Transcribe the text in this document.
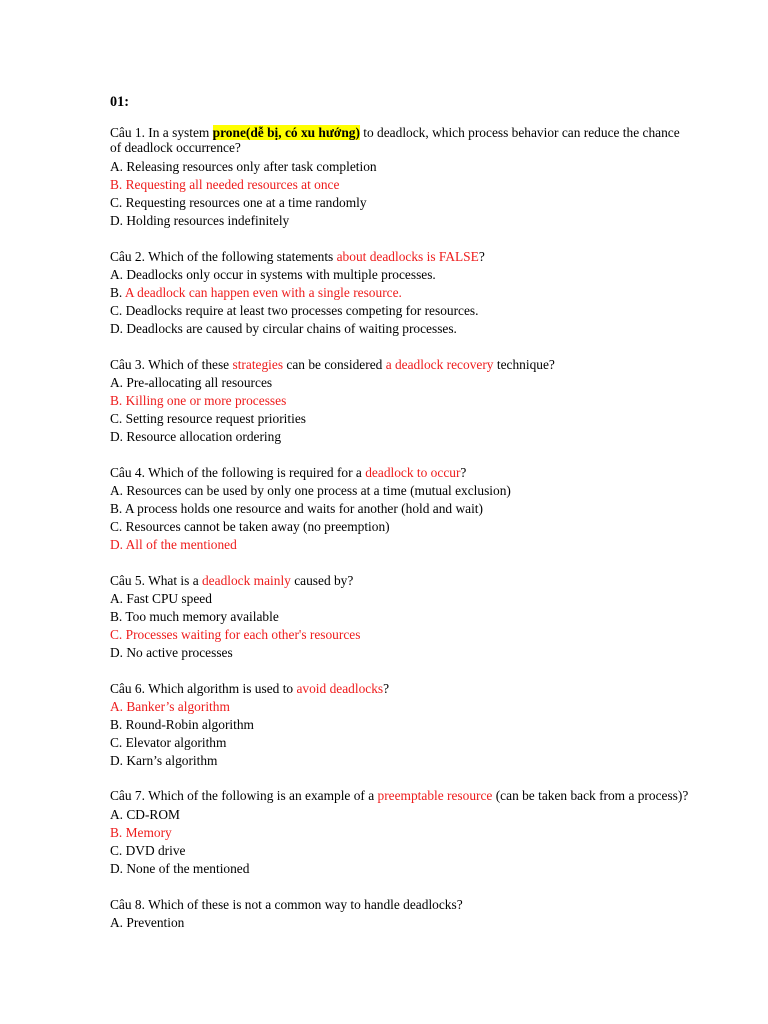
01:
Câu 1. In a system prone(dễ bị, có xu hướng) to deadlock, which process behavior can reduce the chance of deadlock occurrence?
A. Releasing resources only after task completion
B. Requesting all needed resources at once
C. Requesting resources one at a time randomly
D. Holding resources indefinitely
Câu 2. Which of the following statements about deadlocks is FALSE?
A. Deadlocks only occur in systems with multiple processes.
B. A deadlock can happen even with a single resource.
C. Deadlocks require at least two processes competing for resources.
D. Deadlocks are caused by circular chains of waiting processes.
Câu 3. Which of these strategies can be considered a deadlock recovery technique?
A. Pre-allocating all resources
B. Killing one or more processes
C. Setting resource request priorities
D. Resource allocation ordering
Câu 4. Which of the following is required for a deadlock to occur?
A. Resources can be used by only one process at a time (mutual exclusion)
B. A process holds one resource and waits for another (hold and wait)
C. Resources cannot be taken away (no preemption)
D. All of the mentioned
Câu 5. What is a deadlock mainly caused by?
A. Fast CPU speed
B. Too much memory available
C. Processes waiting for each other's resources
D. No active processes
Câu 6. Which algorithm is used to avoid deadlocks?
A. Banker’s algorithm
B. Round-Robin algorithm
C. Elevator algorithm
D. Karn’s algorithm
Câu 7. Which of the following is an example of a preemptable resource (can be taken back from a process)?
A. CD-ROM
B. Memory
C. DVD drive
D. None of the mentioned
Câu 8. Which of these is not a common way to handle deadlocks?
A. Prevention
